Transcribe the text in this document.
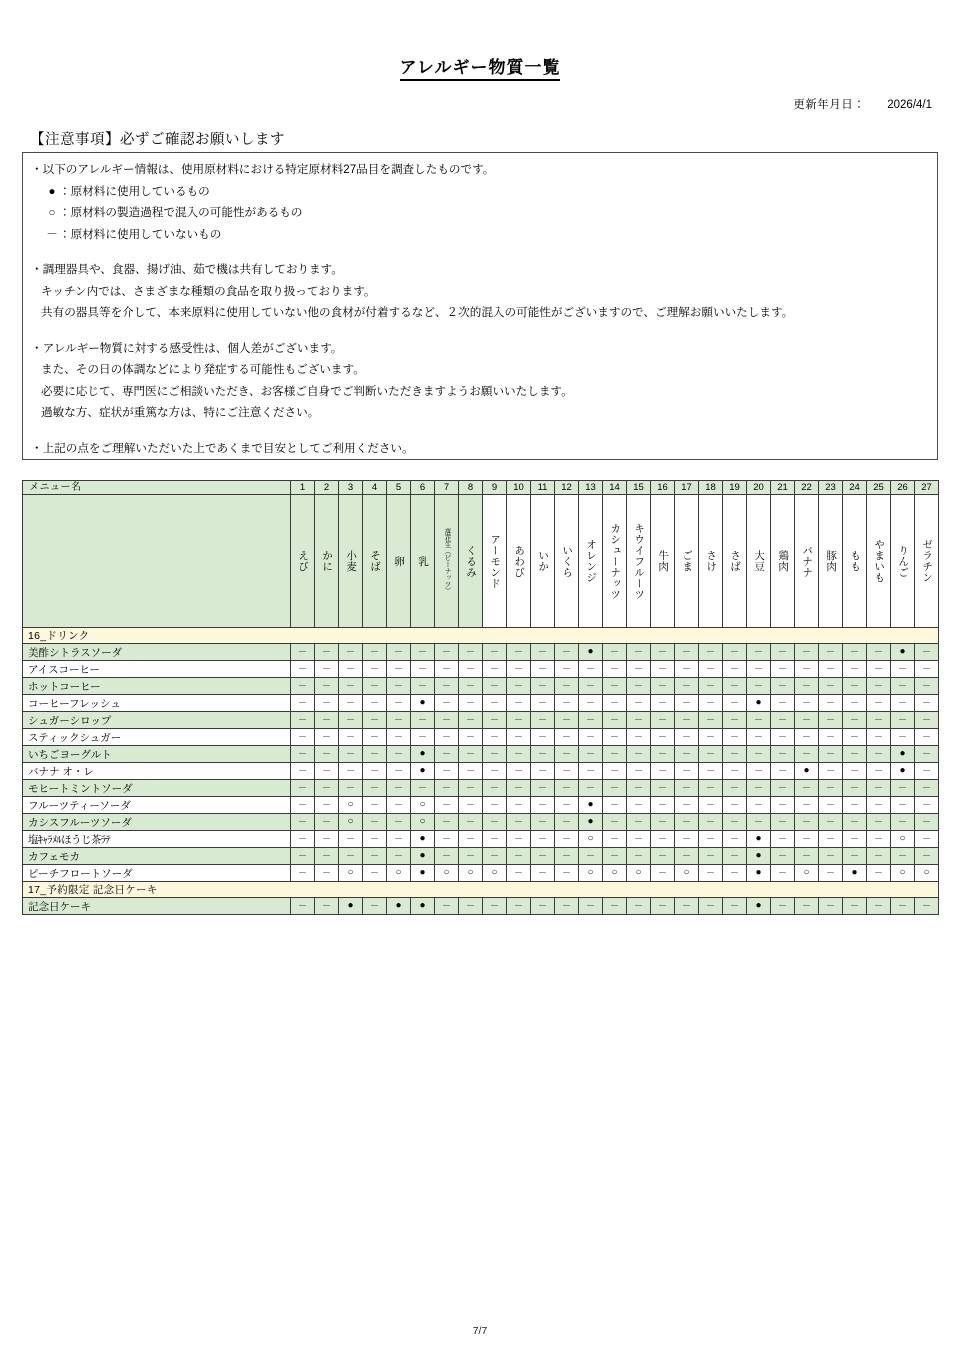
アレルギー物質一覧
更新年月日： 2026/4/1
【注意事項】必ずご確認お願いします
・以下のアレルギー情報は、使用原材料における特定原材料27品目を調査したものです。
● ：原材料に使用しているもの
○ ：原材料の製造過程で混入の可能性があるもの
－：原材料に使用していないもの
・調理器具や、食器、揚げ油、茹で機は共有しております。
キッチン内では、さまざまな種類の食品を取り扱っております。
共有の器具等を介して、本来原料に使用していない他の食材が付着するなど、２次的混入の可能性がございますので、ご理解お願いいたします。
・アレルギー物質に対する感受性は、個人差がございます。
また、その日の体調などにより発症する可能性もございます。
必要に応じて、専門医にご相談いただき、お客様ご自身でご判断いただきますようお願いいたします。
過敏な方、症状が重篤な方は、特にご注意ください。
・上記の点をご理解いただいた上であくまで目安としてご利用ください。
メニュー名	1	2	3	4	5	6	7	8	9	10	11	12	13	14	15	16	17	18	19	20	21	22	23	24	25	26	27

えび	かに	小麦	そば	卵	乳	落花生（ピーナッツ）	くるみ	アーモンド	あわび	いか	いくら	オレンジ	カシューナッツ	キウイフルーツ	牛肉	ごま	さけ	さば	大豆	鶏肉	バナナ	豚肉	もも	やまいも	りんご	ゼラチン

16_ドリンク																											
美酢シトラスソーダ	－	－	－	－	－	－	－	－	－	－	－	－	●	－	－	－	－	－	－	－	－	－	－	－	－	●	－

アイスコーヒー	－	－	－	－	－	－	－	－	－	－	－	－	－	－	－	－	－	－	－	－	－	－	－	－	－	－	－

ホットコーヒー	－	－	－	－	－	－	－	－	－	－	－	－	－	－	－	－	－	－	－	－	－	－	－	－	－	－	－

コーヒーフレッシュ	－	－	－	－	－	●	－	－	－	－	－	－	－	－	－	－	－	－	－	●	－	－	－	－	－	－	－

シュガーシロップ	－	－	－	－	－	－	－	－	－	－	－	－	－	－	－	－	－	－	－	－	－	－	－	－	－	－	－

スティックシュガー	－	－	－	－	－	－	－	－	－	－	－	－	－	－	－	－	－	－	－	－	－	－	－	－	－	－	－

いちごヨーグルト	－	－	－	－	－	●	－	－	－	－	－	－	－	－	－	－	－	－	－	－	－	－	－	－	－	●	－

バナナ オ・レ	－	－	－	－	－	●	－	－	－	－	－	－	－	－	－	－	－	－	－	－	－	●	－	－	－	●	－

モヒートミントソーダ	－	－	－	－	－	－	－	－	－	－	－	－	－	－	－	－	－	－	－	－	－	－	－	－	－	－	－

フルーツティーソーダ	－	－	○	－	－	○	－	－	－	－	－	－	●	－	－	－	－	－	－	－	－	－	－	－	－	－	－

カシスフルーツソーダ	－	－	○	－	－	○	－	－	－	－	－	－	●	－	－	－	－	－	－	－	－	－	－	－	－	－	－

塩ｷｬﾗﾒﾙほうじ茶ﾗﾃ	－	－	－	－	－	●	－	－	－	－	－	－	○	－	－	－	－	－	－	●	－	－	－	－	－	○	－

カフェモカ	－	－	－	－	－	●	－	－	－	－	－	－	－	－	－	－	－	－	－	●	－	－	－	－	－	－	－

ピーチフロートソーダ	－	－	○	－	○	●	○	○	○	－	－	－	○	○	○	－	○	－	－	●	－	○	－	●	－	○	○

17_予約限定 記念日ケーキ																											
記念日ケーキ	－	－	●	－	●	●	－	－	－	－	－	－	－	－	－	－	－	－	－	●	－	－	－	－	－	－	－
7/7
